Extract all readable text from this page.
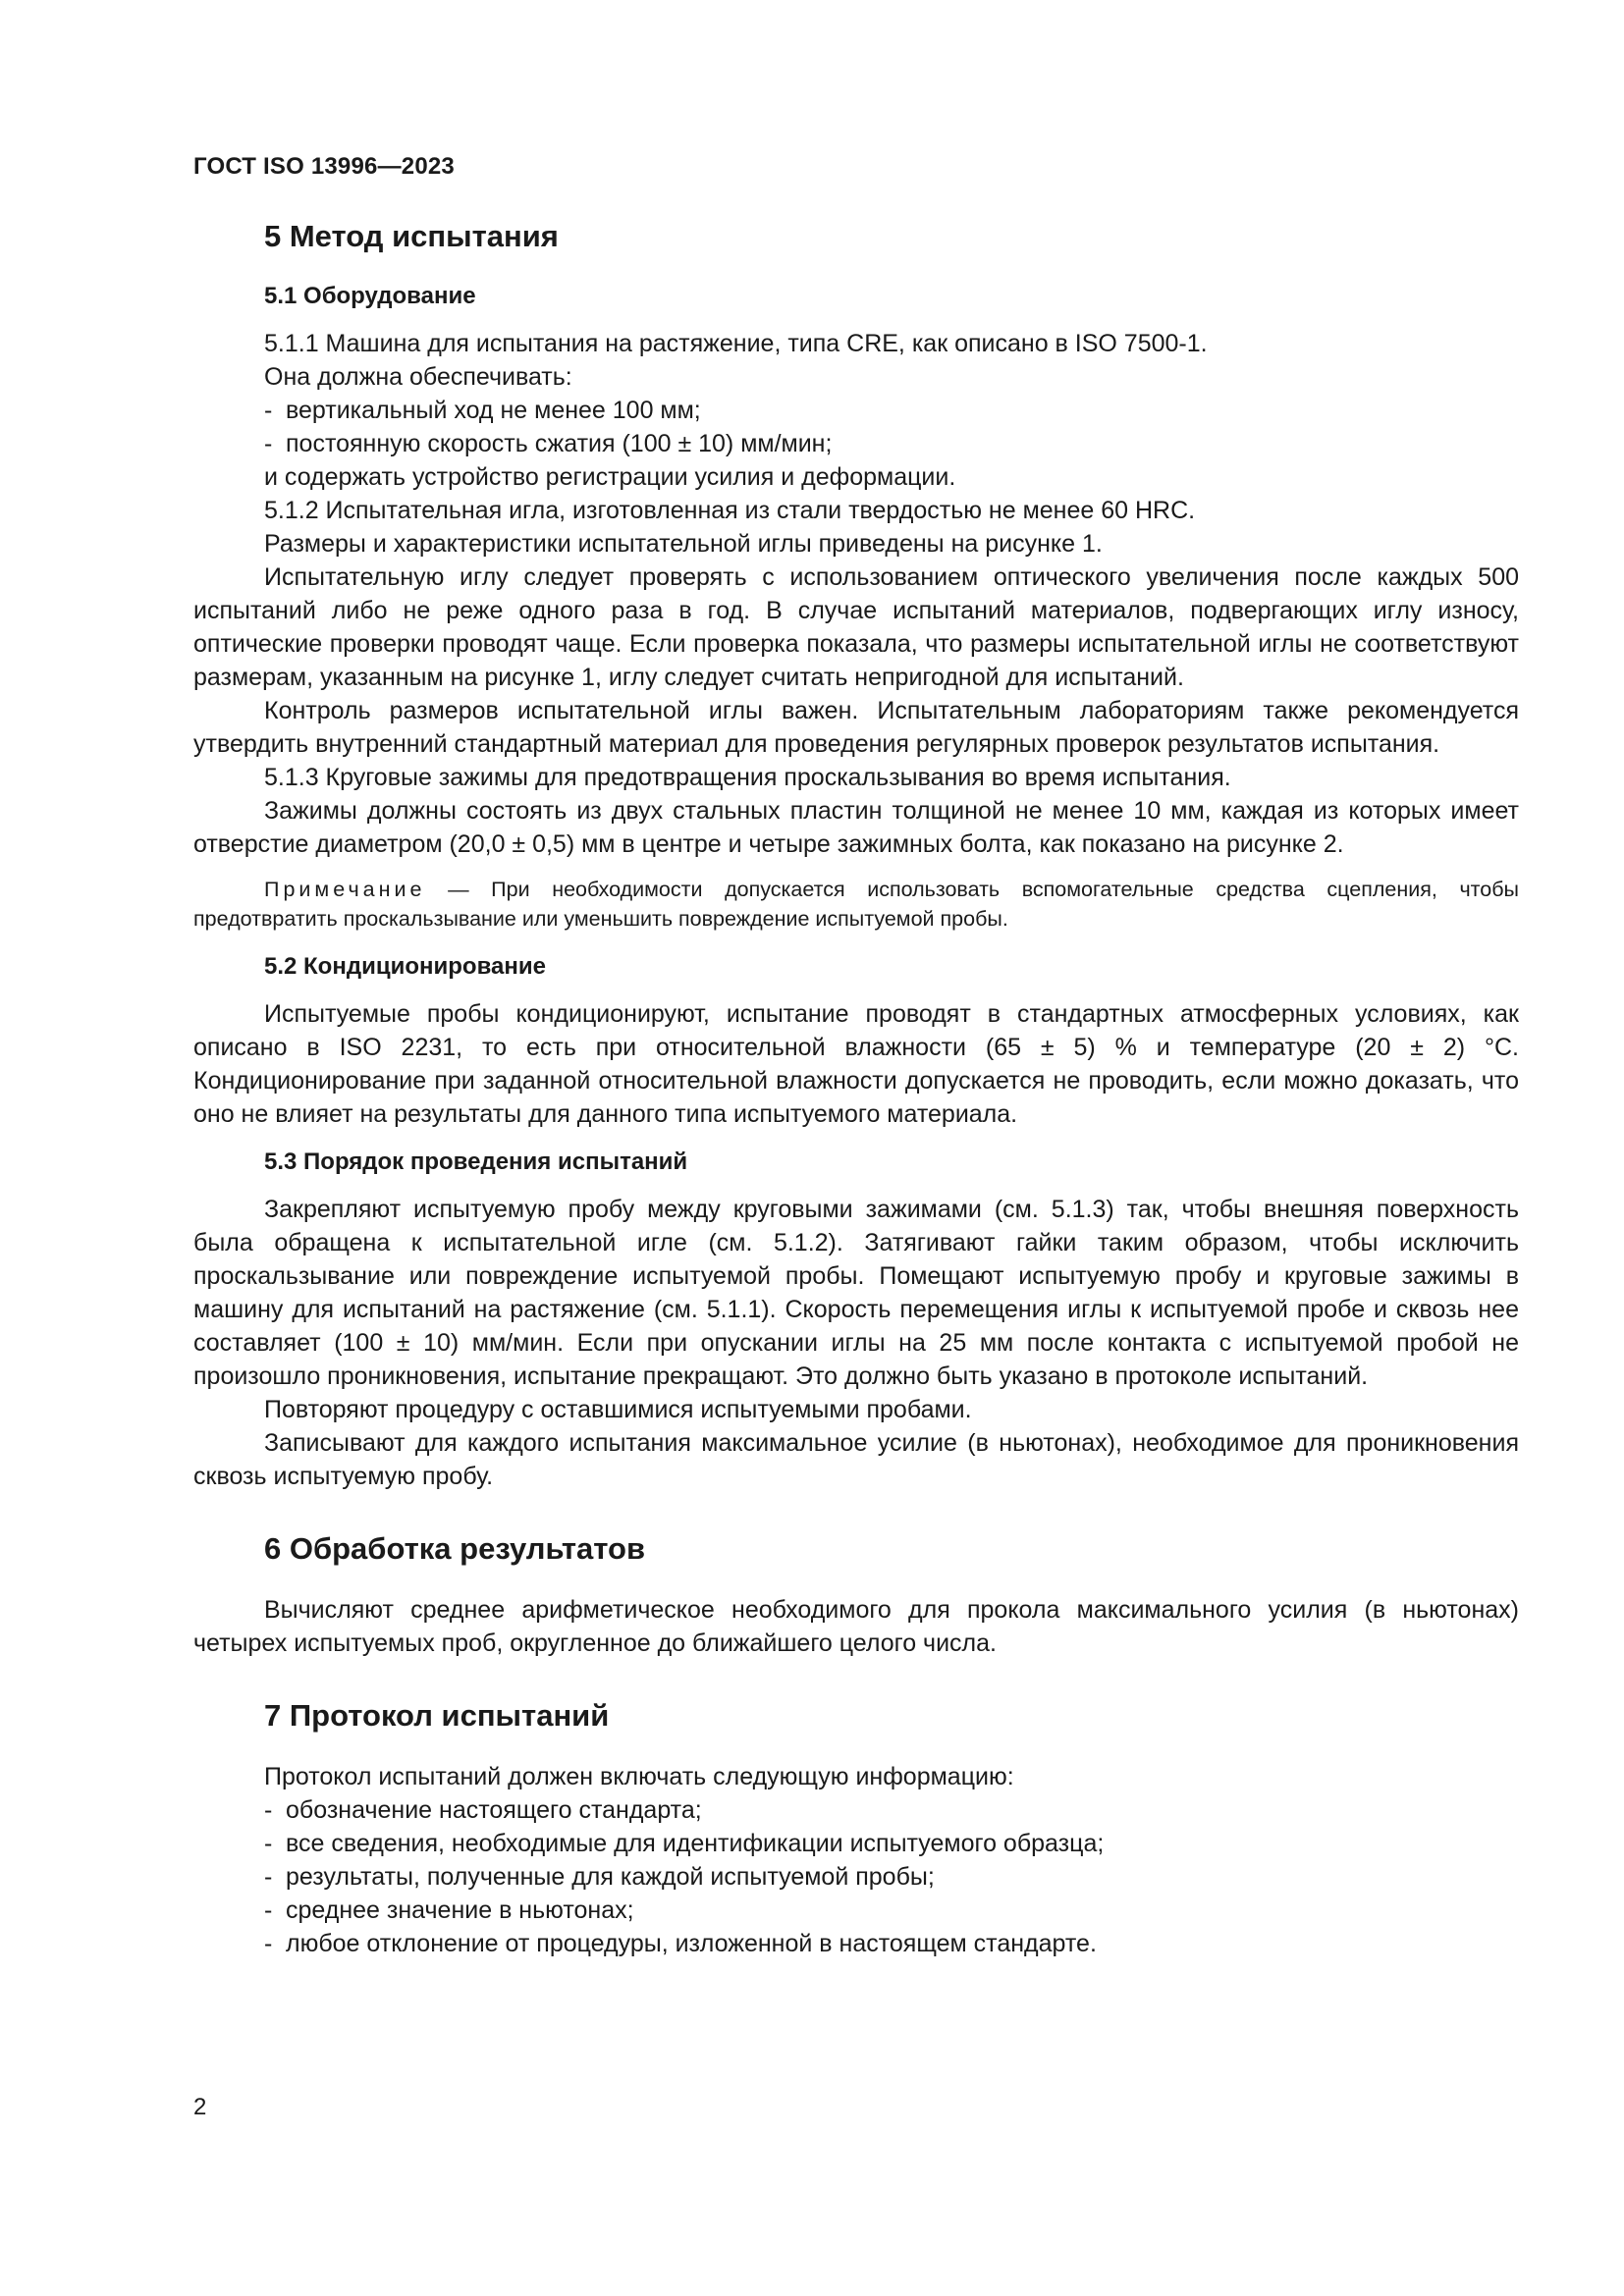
ГОСТ ISO 13996—2023

5 Метод испытания
5.1 Оборудование

5.1.1 Машина для испытания на растяжение, типа CRE, как описано в ISO 7500-1.

Она должна обеспечивать:

- вертикальный ход не менее 100 мм;
- постоянную скорость сжатия (100 ± 10) мм/мин;

и содержать устройство регистрации усилия и деформации.

5.1.2 Испытательная игла, изготовленная из стали твердостью не менее 60 HRC.

Размеры и характеристики испытательной иглы приведены на рисунке 1.

Испытательную иглу следует проверять с использованием оптического увеличения после каждых 500 испытаний либо не реже одного раза в год. В случае испытаний материалов, подвергающих иглу износу, оптические проверки проводят чаще. Если проверка показала, что размеры испытательной иглы не соответствуют размерам, указанным на рисунке 1, иглу следует считать непригодной для испытаний.

Контроль размеров испытательной иглы важен. Испытательным лабораториям также рекомендуется утвердить внутренний стандартный материал для проведения регулярных проверок результатов испытания.

5.1.3 Круговые зажимы для предотвращения проскальзывания во время испытания.

Зажимы должны состоять из двух стальных пластин толщиной не менее 10 мм, каждая из которых имеет отверстие диаметром (20,0 ± 0,5) мм в центре и четыре зажимных болта, как показано на рисунке 2.

Примечание — При необходимости допускается использовать вспомогательные средства сцепления, чтобы предотвратить проскальзывание или уменьшить повреждение испытуемой пробы.

5.2 Кондиционирование

Испытуемые пробы кондиционируют, испытание проводят в стандартных атмосферных условиях, как описано в ISO 2231, то есть при относительной влажности (65 ± 5) % и температуре (20 ± 2) °С. Кондиционирование при заданной относительной влажности допускается не проводить, если можно доказать, что оно не влияет на результаты для данного типа испытуемого материала.

5.3 Порядок проведения испытаний

Закрепляют испытуемую пробу между круговыми зажимами (см. 5.1.3) так, чтобы внешняя поверхность была обращена к испытательной игле (см. 5.1.2). Затягивают гайки таким образом, чтобы исключить проскальзывание или повреждение испытуемой пробы. Помещают испытуемую пробу и круговые зажимы в машину для испытаний на растяжение (см. 5.1.1). Скорость перемещения иглы к испытуемой пробе и сквозь нее составляет (100 ± 10) мм/мин. Если при опускании иглы на 25 мм после контакта с испытуемой пробой не произошло проникновения, испытание прекращают. Это должно быть указано в протоколе испытаний.

Повторяют процедуру с оставшимися испытуемыми пробами.

Записывают для каждого испытания максимальное усилие (в ньютонах), необходимое для проникновения сквозь испытуемую пробу.

6 Обработка результатов

Вычисляют среднее арифметическое необходимого для прокола максимального усилия (в ньютонах) четырех испытуемых проб, округленное до ближайшего целого числа.

7 Протокол испытаний

Протокол испытаний должен включать следующую информацию:

- обозначение настоящего стандарта;
- все сведения, необходимые для идентификации испытуемого образца;
- результаты, полученные для каждой испытуемой пробы;
- среднее значение в ньютонах;
- любое отклонение от процедуры, изложенной в настоящем стандарте.

2
